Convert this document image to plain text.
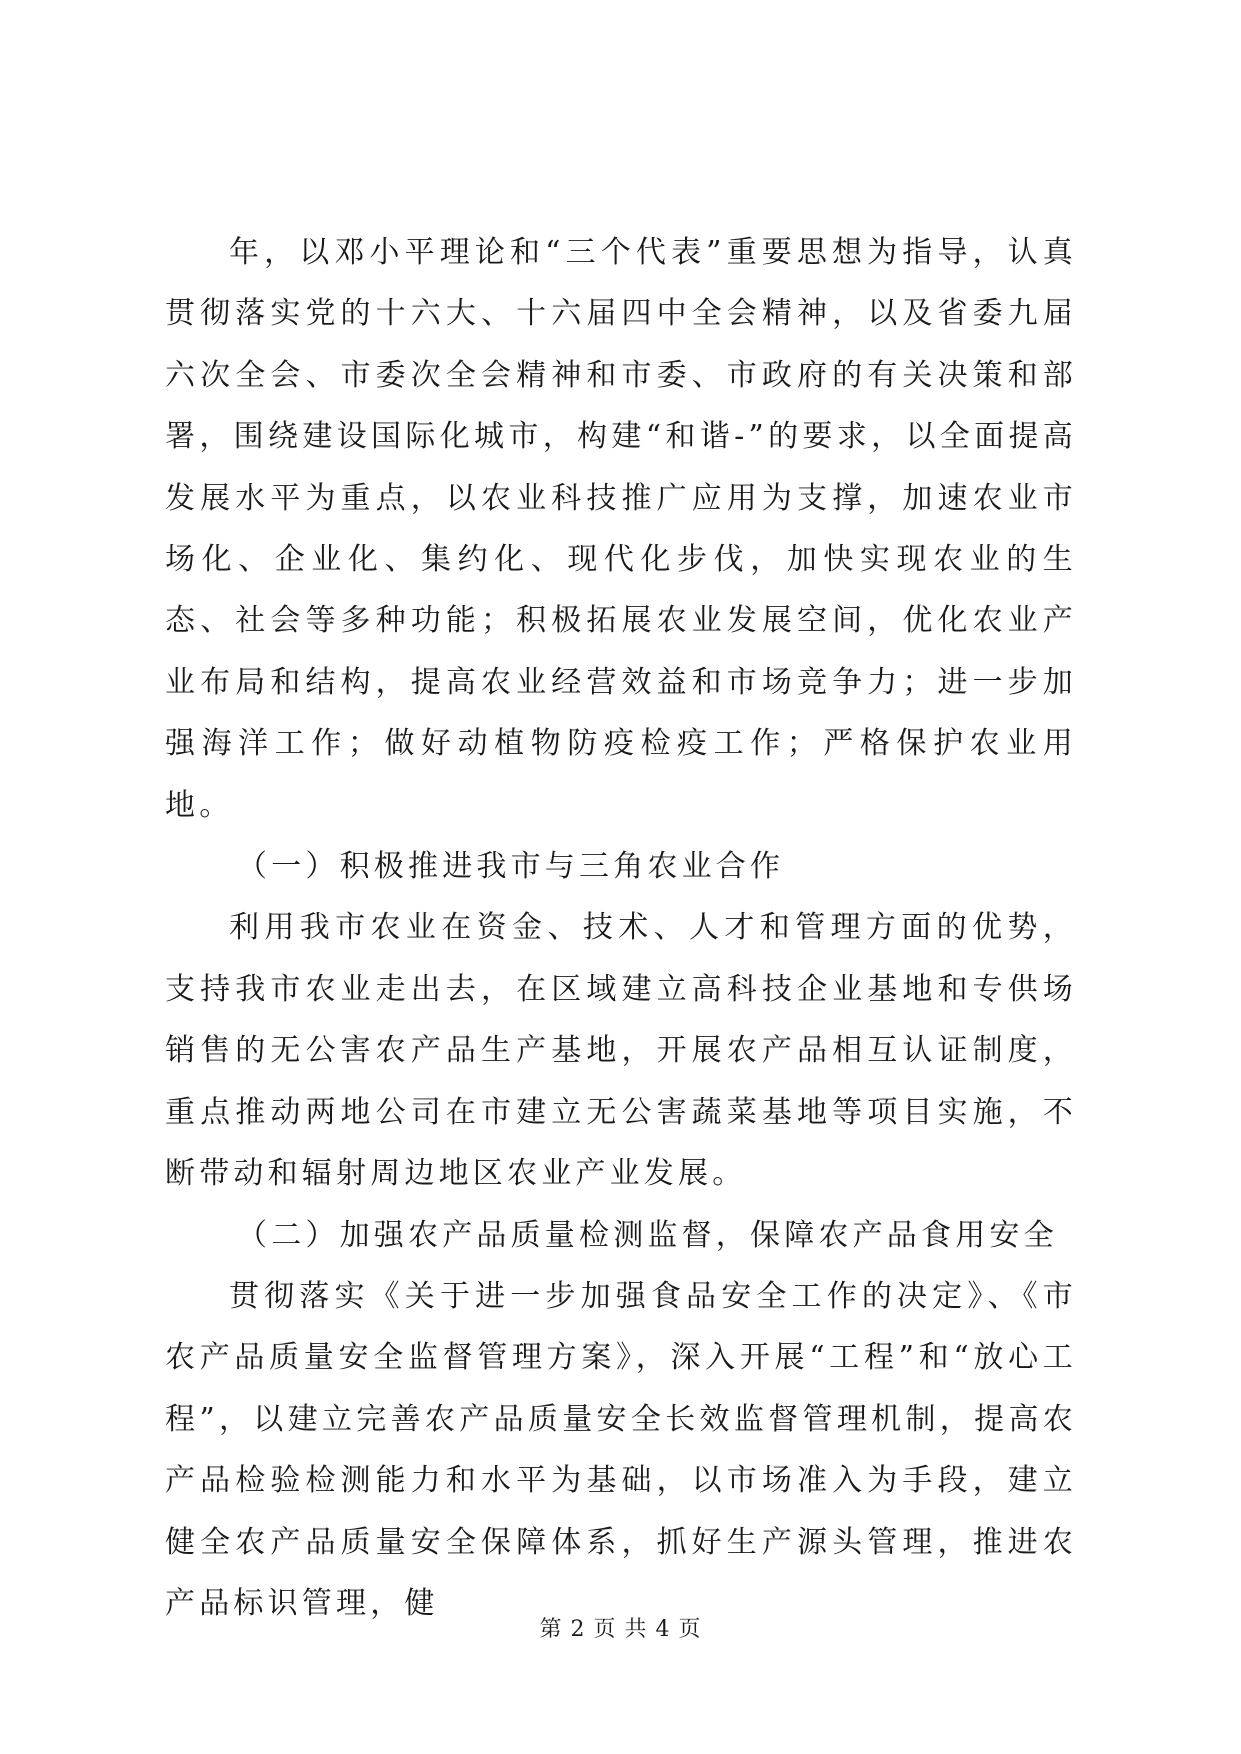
年，以邓小平理论和“三个代表”重要思想为指导，认真贯彻落实党的十六大、十六届四中全会精神，以及省委九届六次全会、市委次全会精神和市委、市政府的有关决策和部署，围绕建设国际化城市，构建“和谐-”的要求，以全面提高发展水平为重点，以农业科技推广应用为支撑，加速农业市场化、企业化、集约化、现代化步伐，加快实现农业的生态、社会等多种功能；积极拓展农业发展空间，优化农业产业布局和结构，提高农业经营效益和市场竞争力；进一步加强海洋工作；做好动植物防疫检疫工作；严格保护农业用地。

（一）积极推进我市与三角农业合作

利用我市农业在资金、技术、人才和管理方面的优势，支持我市农业走出去，在区域建立高科技企业基地和专供场销售的无公害农产品生产基地，开展农产品相互认证制度，重点推动两地公司在市建立无公害蔬菜基地等项目实施，不断带动和辐射周边地区农业产业发展。

（二）加强农产品质量检测监督，保障农产品食用安全

贯彻落实《关于进一步加强食品安全工作的决定》、《市农产品质量安全监督管理方案》，深入开展“工程”和“放心工程”，以建立完善农产品质量安全长效监督管理机制，提高农产品检验检测能力和水平为基础，以市场准入为手段，建立健全农产品质量安全保障体系，抓好生产源头管理，推进农产品标识管理，健

第 2 页 共 4 页
